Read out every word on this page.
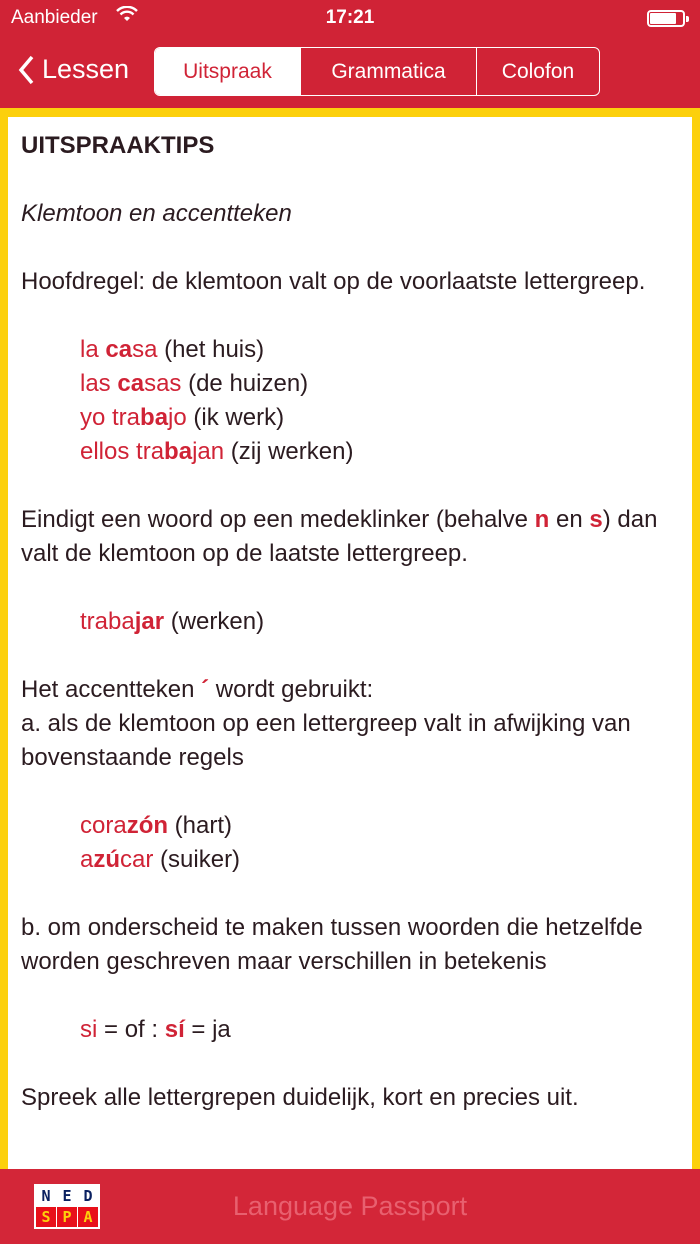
Aanbieder	17:21
Lessen	Uitspraak	Grammatica	Colofon
UITSPRAAKTIPS

Klemtoon en accentteken

Hoofdregel: de klemtoon valt op de voorlaatste lettergreep.

la casa (het huis)
las casas (de huizen)
yo trabajo (ik werk)
ellos trabajan (zij werken)

Eindigt een woord op een medeklinker (behalve n en s) dan valt de klemtoon op de laatste lettergreep.

trabajar (werken)

Het accentteken ´ wordt gebruikt:
a. als de klemtoon op een lettergreep valt in afwijking van bovenstaande regels

corazón (hart)
azúcar (suiker)

b. om onderscheid te maken tussen woorden die hetzelfde worden geschreven maar verschillen in betekenis

si = of : sí = ja

Spreek alle lettergrepen duidelijk, kort en precies uit.

N E D
S P A	Language Passport
